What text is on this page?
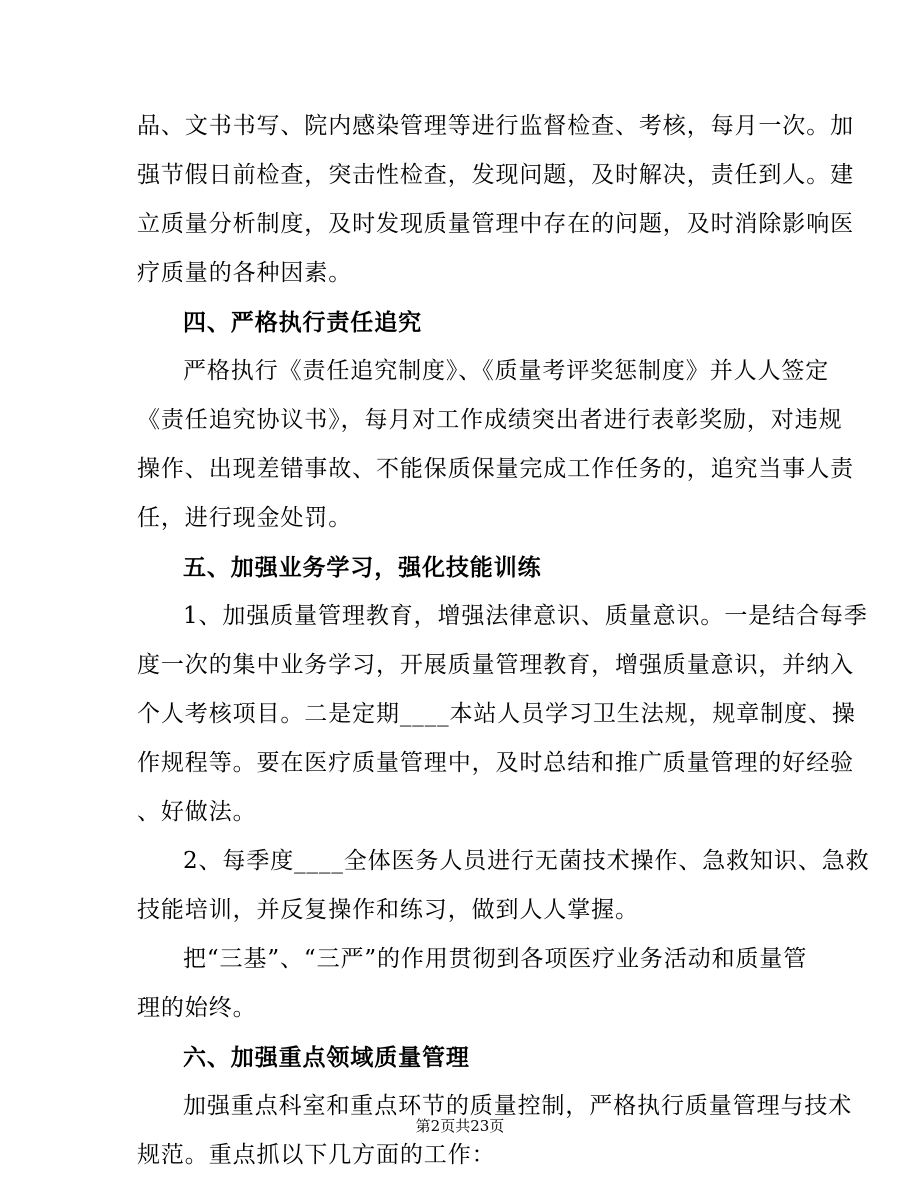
品、文书书写、院内感染管理等进行监督检查、考核，每月一次。加
强节假日前检查，突击性检查，发现问题，及时解决，责任到人。建
立质量分析制度，及时发现质量管理中存在的问题，及时消除影响医
疗质量的各种因素。
四、严格执行责任追究
严格执行《责任追究制度》、《质量考评奖惩制度》并人人签定
《责任追究协议书》，每月对工作成绩突出者进行表彰奖励，对违规
操作、出现差错事故、不能保质保量完成工作任务的，追究当事人责
任，进行现金处罚。
五、加强业务学习，强化技能训练
1、加强质量管理教育，增强法律意识、质量意识。一是结合每季
度一次的集中业务学习，开展质量管理教育，增强质量意识，并纳入
个人考核项目。二是定期____本站人员学习卫生法规，规章制度、操
作规程等。要在医疗质量管理中，及时总结和推广质量管理的好经验
、好做法。
2、每季度____全体医务人员进行无菌技术操作、急救知识、急救
技能培训，并反复操作和练习，做到人人掌握。
把“三基”、“三严”的作用贯彻到各项医疗业务活动和质量管
理的始终。
六、加强重点领域质量管理
加强重点科室和重点环节的质量控制，严格执行质量管理与技术
规范。重点抓以下几方面的工作：
第2页共23页
